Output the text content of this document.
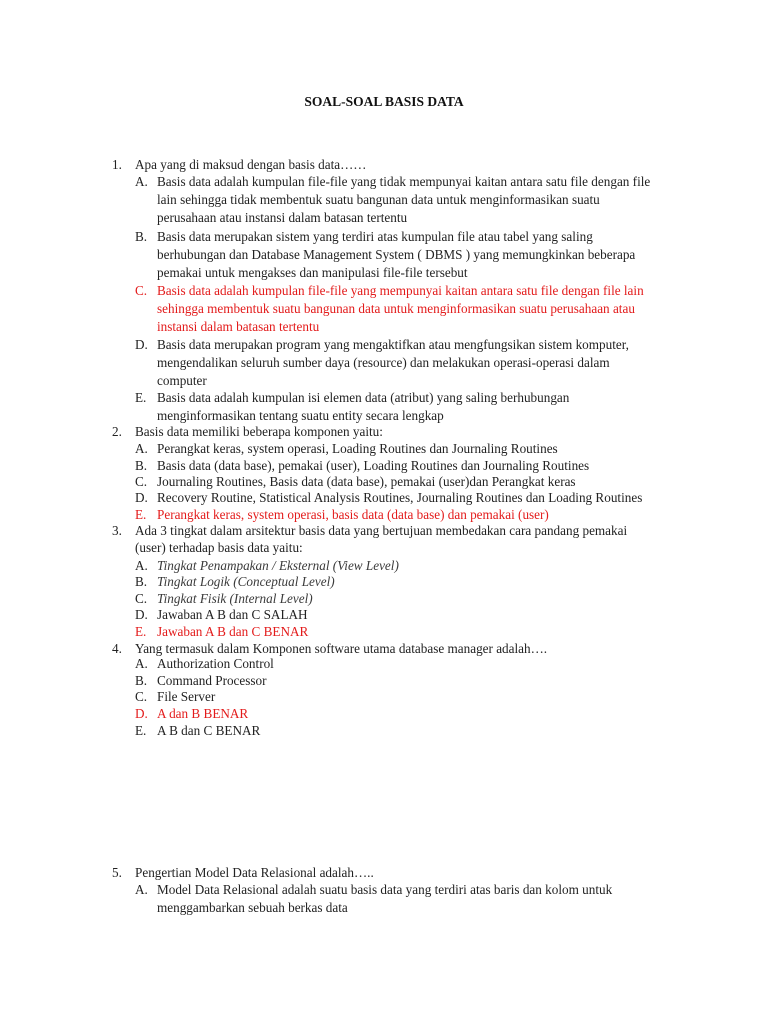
SOAL-SOAL BASIS DATA
1. Apa yang di maksud dengan basis data……
A. Basis data adalah kumpulan file-file yang tidak mempunyai kaitan antara satu file dengan file
lain sehingga tidak membentuk suatu bangunan data untuk menginformasikan suatu
perusahaan atau instansi dalam batasan tertentu
B. Basis data merupakan sistem yang terdiri atas kumpulan file atau tabel yang saling
berhubungan dan Database Management System ( DBMS ) yang memungkinkan beberapa
pemakai untuk mengakses dan manipulasi file-file tersebut
C. Basis data adalah kumpulan file-file yang mempunyai kaitan antara satu file dengan file lain
sehingga membentuk suatu bangunan data untuk menginformasikan suatu perusahaan atau
instansi dalam batasan tertentu
D. Basis data merupakan program yang mengaktifkan atau mengfungsikan sistem komputer,
mengendalikan seluruh sumber daya (resource) dan melakukan operasi-operasi dalam
computer
E. Basis data adalah kumpulan isi elemen data (atribut) yang saling berhubungan
menginformasikan tentang suatu entity secara lengkap
2. Basis data memiliki beberapa komponen yaitu:
A. Perangkat keras, system operasi, Loading Routines dan Journaling Routines
B. Basis data (data base), pemakai (user), Loading Routines dan Journaling Routines
C. Journaling Routines, Basis data (data base), pemakai (user)dan Perangkat keras
D. Recovery Routine, Statistical Analysis Routines, Journaling Routines dan Loading Routines
E. Perangkat keras, system operasi, basis data (data base) dan pemakai (user)
3. Ada 3 tingkat dalam arsitektur basis data yang bertujuan membedakan cara pandang pemakai
(user) terhadap basis data yaitu:
A. Tingkat Penampakan / Eksternal (View Level)
B. Tingkat Logik (Conceptual Level)
C. Tingkat Fisik (Internal Level)
D. Jawaban A B dan C SALAH
E. Jawaban A B dan C BENAR
4. Yang termasuk dalam Komponen software utama database manager adalah….
A. Authorization Control
B. Command Processor
C. File Server
D. A dan B BENAR
E. A B dan C BENAR
5. Pengertian Model Data Relasional adalah…..
A. Model Data Relasional adalah suatu basis data yang terdiri atas baris dan kolom untuk
menggambarkan sebuah berkas data
